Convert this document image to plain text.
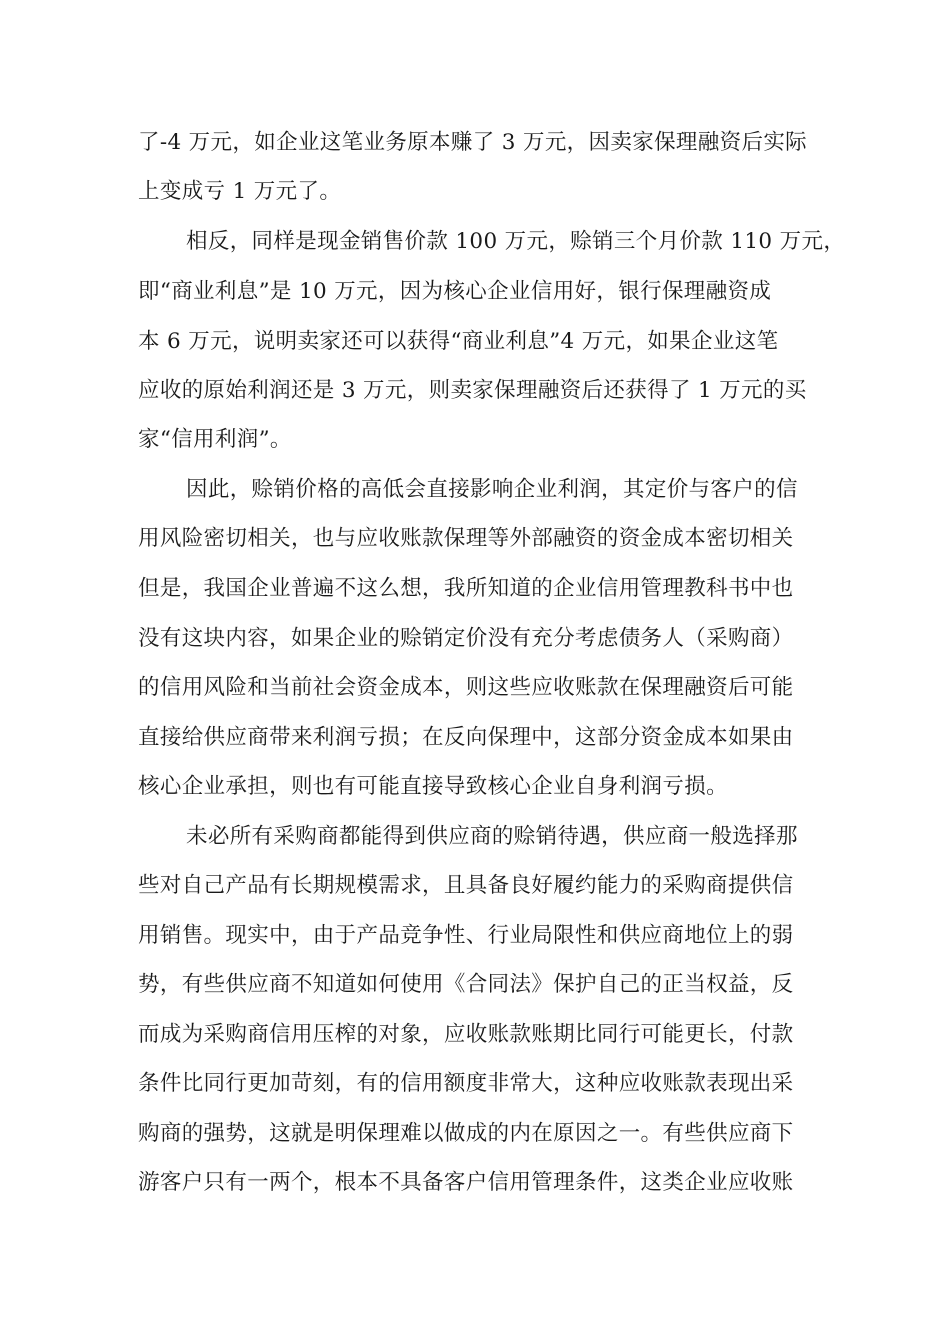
了-4 万元，如企业这笔业务原本赚了 3 万元，因卖家保理融资后实际
上变成亏 1 万元了。
相反，同样是现金销售价款 100 万元，赊销三个月价款 110 万元，
即“商业利息”是 10 万元，因为核心企业信用好，银行保理融资成
本 6 万元，说明卖家还可以获得“商业利息”4 万元，如果企业这笔
应收的原始利润还是 3 万元，则卖家保理融资后还获得了 1 万元的买
家“信用利润”。
因此，赊销价格的高低会直接影响企业利润，其定价与客户的信
用风险密切相关，也与应收账款保理等外部融资的资金成本密切相关
但是，我国企业普遍不这么想，我所知道的企业信用管理教科书中也
没有这块内容，如果企业的赊销定价没有充分考虑债务人（采购商）
的信用风险和当前社会资金成本，则这些应收账款在保理融资后可能
直接给供应商带来利润亏损；在反向保理中，这部分资金成本如果由
核心企业承担，则也有可能直接导致核心企业自身利润亏损。
未必所有采购商都能得到供应商的赊销待遇，供应商一般选择那
些对自己产品有长期规模需求，且具备良好履约能力的采购商提供信
用销售。现实中，由于产品竞争性、行业局限性和供应商地位上的弱
势，有些供应商不知道如何使用《合同法》保护自己的正当权益，反
而成为采购商信用压榨的对象，应收账款账期比同行可能更长，付款
条件比同行更加苛刻，有的信用额度非常大，这种应收账款表现出采
购商的强势，这就是明保理难以做成的内在原因之一。有些供应商下
游客户只有一两个，根本不具备客户信用管理条件，这类企业应收账
